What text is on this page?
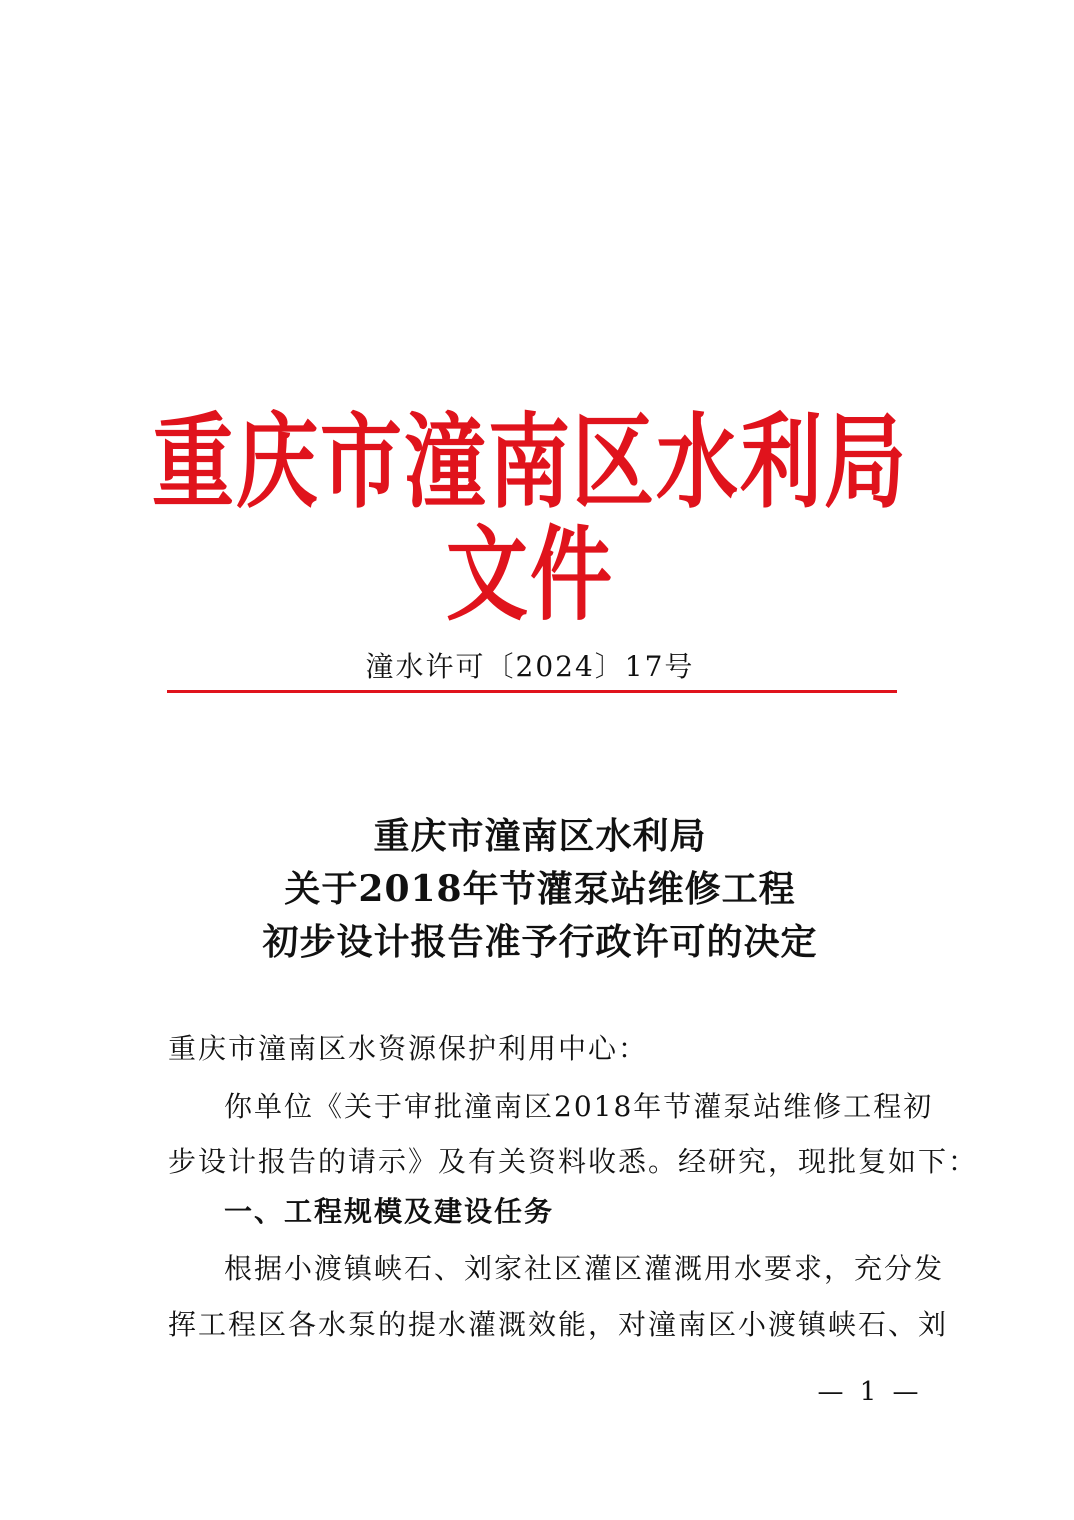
重庆市潼南区水利局文件
潼水许可〔2024〕17号
重庆市潼南区水利局
关于2018年节灌泵站维修工程
初步设计报告准予行政许可的决定
重庆市潼南区水资源保护利用中心：
你单位《关于审批潼南区2018年节灌泵站维修工程初
步设计报告的请示》及有关资料收悉。经研究，现批复如下：
一、工程规模及建设任务
根据小渡镇峡石、刘家社区灌区灌溉用水要求，充分发
挥工程区各水泵的提水灌溉效能，对潼南区小渡镇峡石、刘
— 1 —
